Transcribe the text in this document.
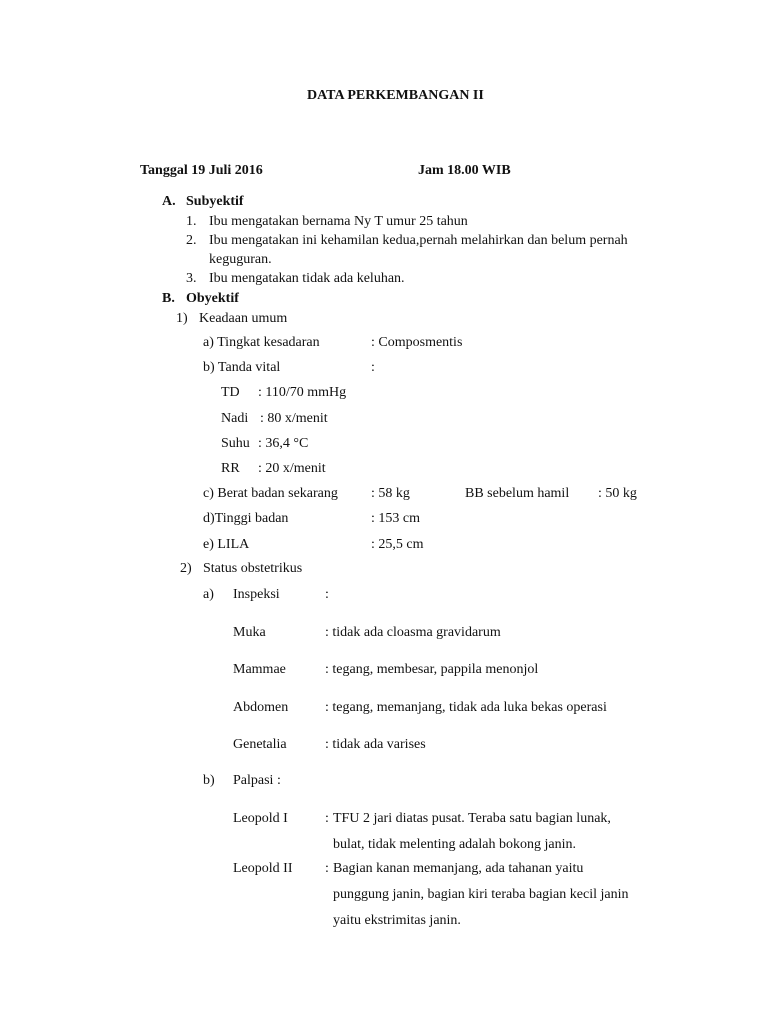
DATA PERKEMBANGAN II
Tanggal 19 Juli 2016	Jam 18.00 WIB
A. Subyektif
1. Ibu mengatakan bernama Ny T umur 25 tahun
2. Ibu mengatakan ini kehamilan kedua,pernah melahirkan dan belum pernah
keguguran.
3. Ibu mengatakan tidak ada keluhan.
B. Obyektif
1) Keadaan umum
a) Tingkat kesadaran	: Composmentis
b) Tanda vital	:
TD : 110/70 mmHg
Nadi : 80 x/menit
Suhu : 36,4 °C
RR : 20 x/menit
c) Berat badan sekarang : 58 kg	BB sebelum hamil : 50 kg
d)Tinggi badan	: 153 cm
e) LILA	: 25,5 cm
2) Status obstetrikus
a) Inspeksi	:
Muka	: tidak ada cloasma gravidarum
Mammae	: tegang, membesar, pappila menonjol
Abdomen	: tegang, memanjang, tidak ada luka bekas operasi
Genetalia	: tidak ada varises
b) Palpasi :
Leopold I	: TFU 2 jari diatas pusat. Teraba satu bagian lunak,
bulat, tidak melenting adalah bokong janin.
Leopold II : Bagian kanan memanjang, ada tahanan yaitu
punggung janin, bagian kiri teraba bagian kecil janin
yaitu ekstrimitas janin.
